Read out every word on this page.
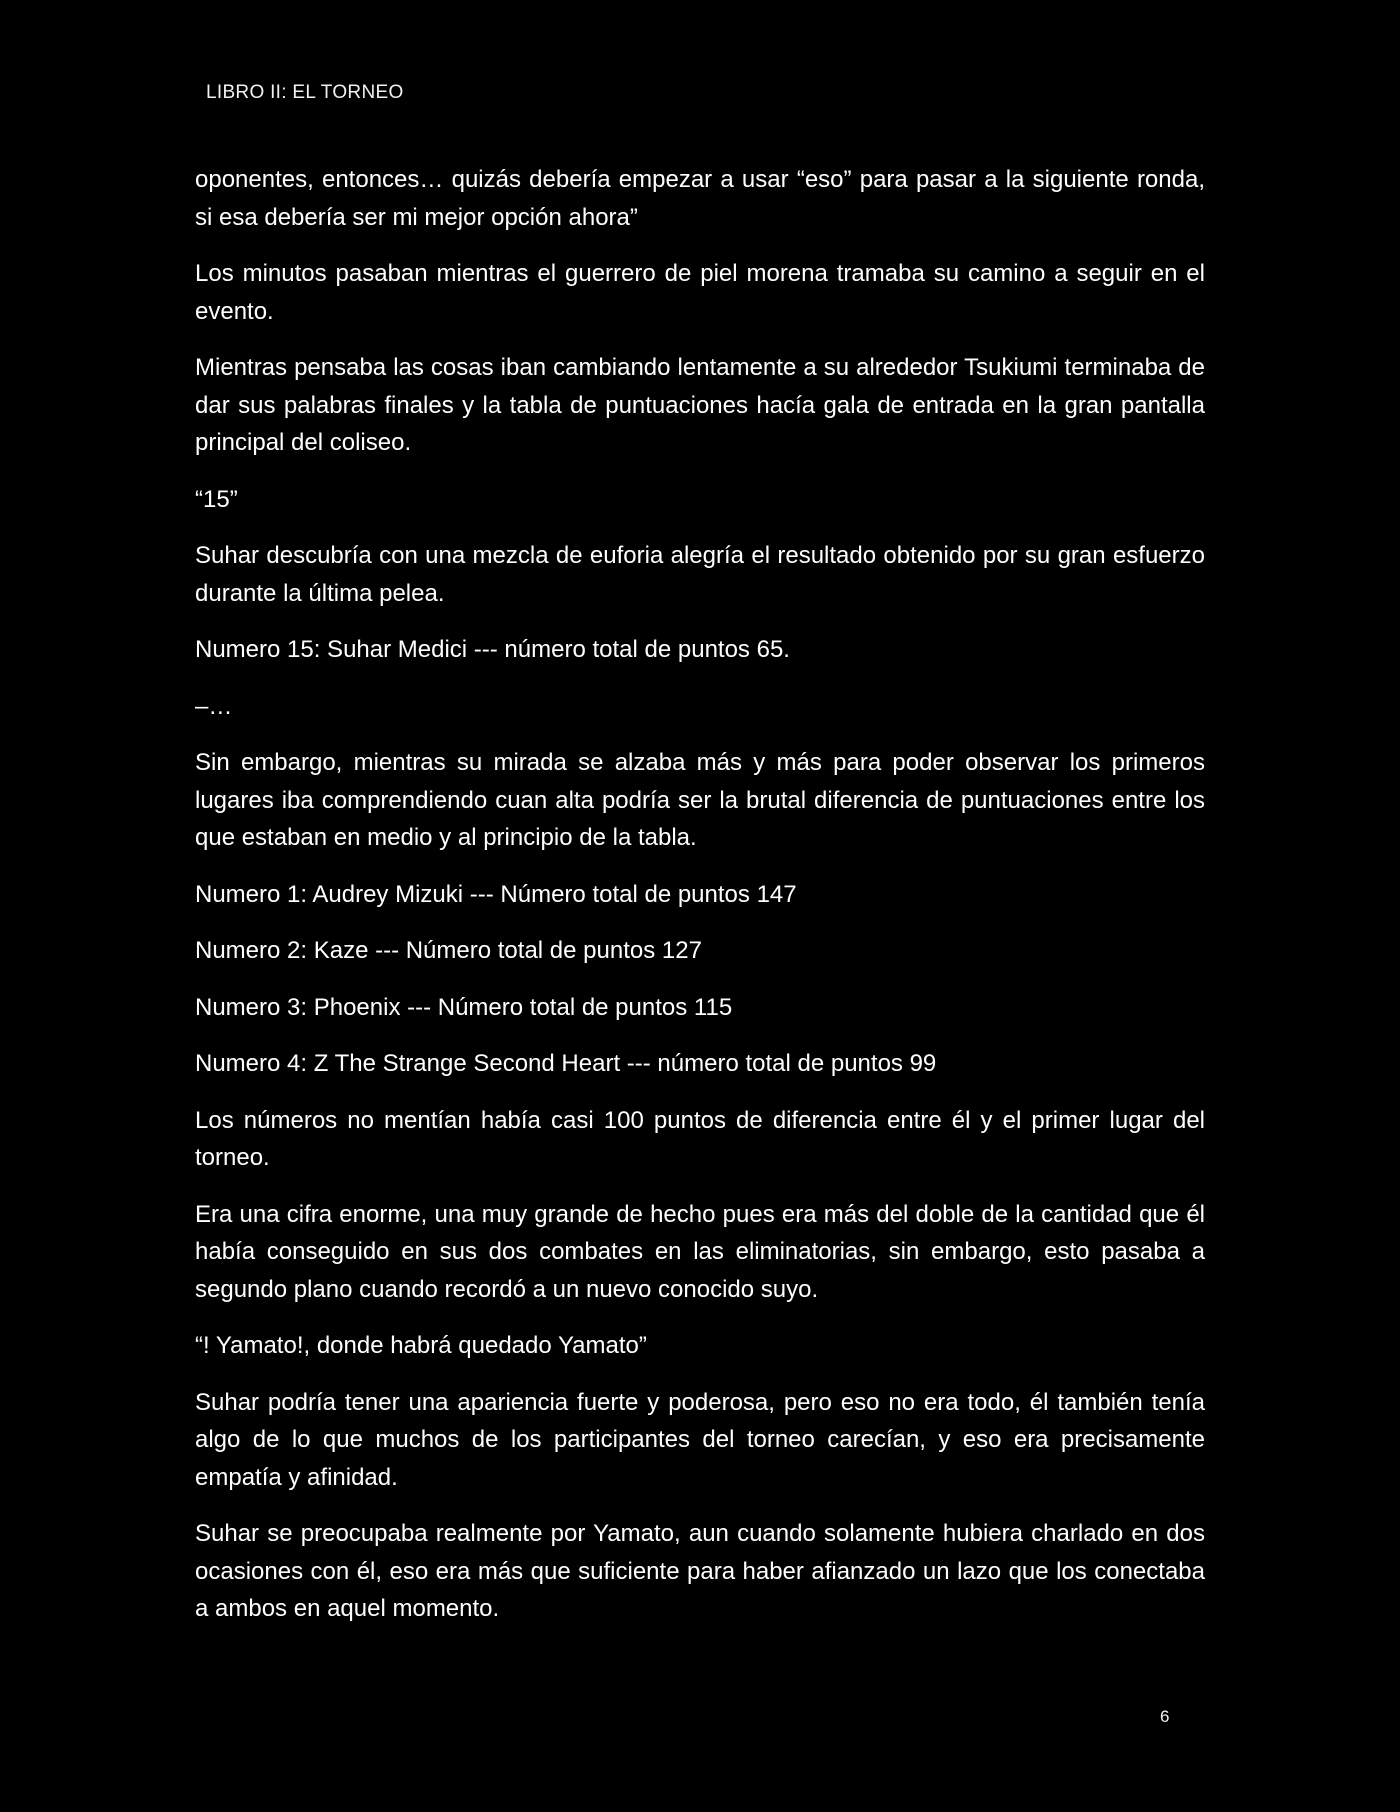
LIBRO II: EL TORNEO

oponentes, entonces… quizás debería empezar a usar “eso” para pasar a la siguiente ronda, si esa debería ser mi mejor opción ahora”

Los minutos pasaban mientras el guerrero de piel morena tramaba su camino a seguir en el evento.

Mientras pensaba las cosas iban cambiando lentamente a su alrededor Tsukiumi terminaba de dar sus palabras finales y la tabla de puntuaciones hacía gala de entrada en la gran pantalla principal del coliseo.

“15”

Suhar descubría con una mezcla de euforia alegría el resultado obtenido por su gran esfuerzo durante la última pelea.

Numero 15: Suhar Medici --- número total de puntos 65.

–…

Sin embargo, mientras su mirada se alzaba más y más para poder observar los primeros lugares iba comprendiendo cuan alta podría ser la brutal diferencia de puntuaciones entre los que estaban en medio y al principio de la tabla.

Numero 1: Audrey Mizuki --- Número total de puntos 147

Numero 2: Kaze --- Número total de puntos 127

Numero 3: Phoenix --- Número total de puntos 115

Numero 4: Z The Strange Second Heart --- número total de puntos 99

Los números no mentían había casi 100 puntos de diferencia entre él y el primer lugar del torneo.

Era una cifra enorme, una muy grande de hecho pues era más del doble de la cantidad que él había conseguido en sus dos combates en las eliminatorias, sin embargo, esto pasaba a segundo plano cuando recordó a un nuevo conocido suyo.

“! Yamato!, donde habrá quedado Yamato”

Suhar podría tener una apariencia fuerte y poderosa, pero eso no era todo, él también tenía algo de lo que muchos de los participantes del torneo carecían, y eso era precisamente empatía y afinidad.

Suhar se preocupaba realmente por Yamato, aun cuando solamente hubiera charlado en dos ocasiones con él, eso era más que suficiente para haber afianzado un lazo que los conectaba a ambos en aquel momento.

6
